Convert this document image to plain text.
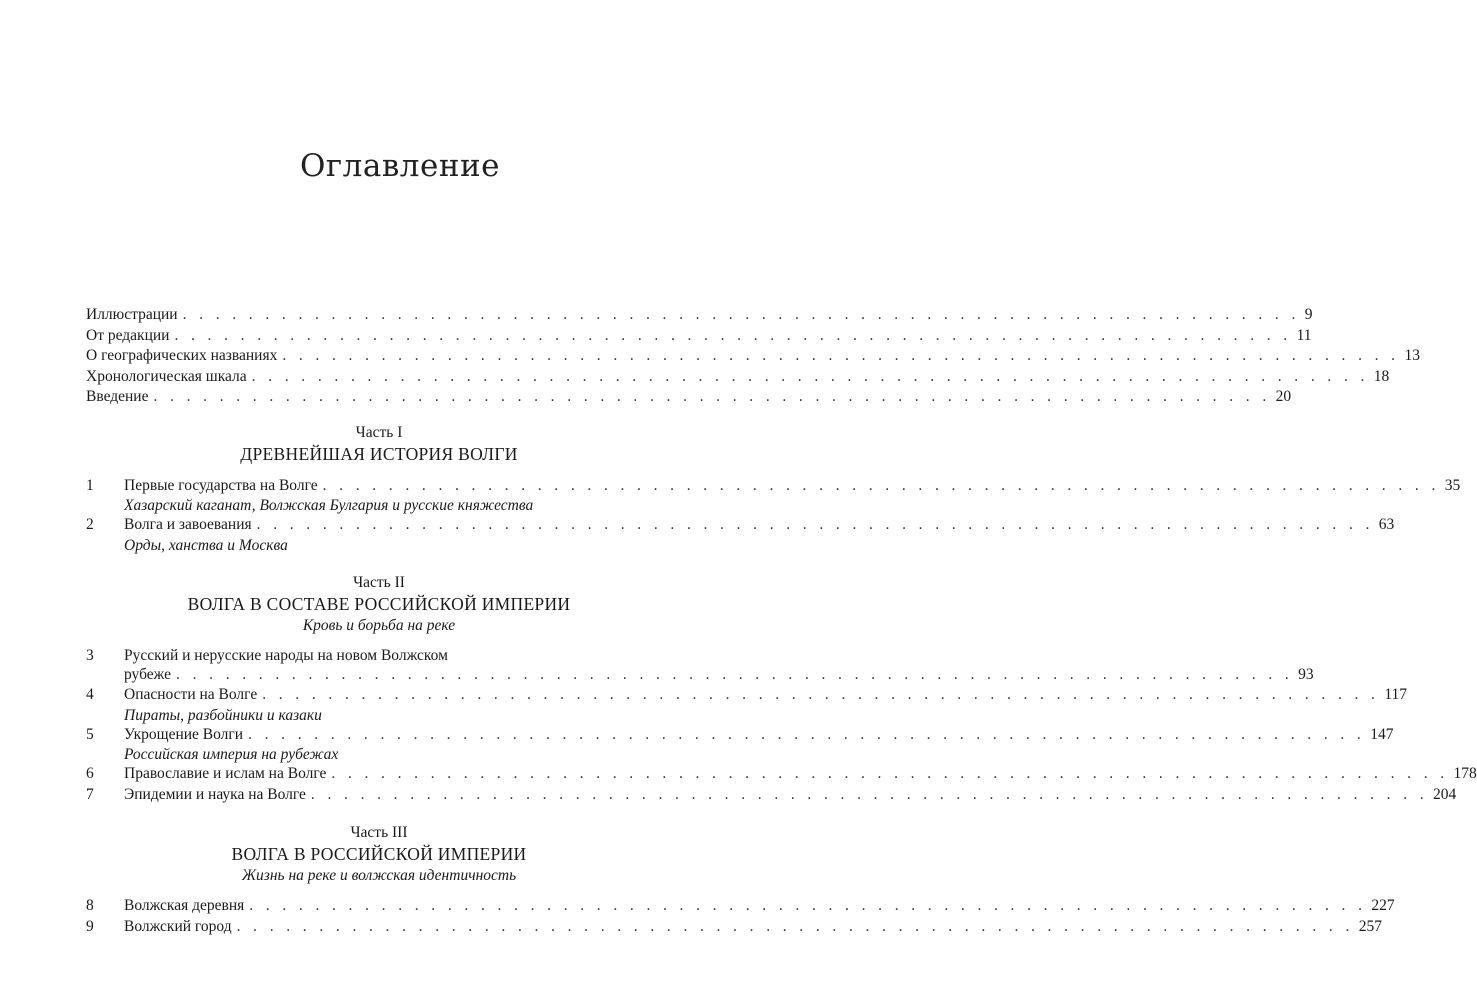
Оглавление
Иллюстрации . . .	9
От редакции . . .	11
О географических названиях . . .	13
Хронологическая шкала . . .	18
Введение . . .	20
Часть I
ДРЕВНЕЙШАЯ ИСТОРИЯ ВОЛГИ
1	Первые государства на Волге . . .	35
Хазарский каганат, Волжская Булгария и русские княжества
2	Волга и завоевания . . .	63
Орды, ханства и Москва
Часть II
ВОЛГА В СОСТАВЕ РОССИЙСКОЙ ИМПЕРИИ
Кровь и борьба на реке
3	Русский и нерусские народы на новом Волжском
рубеже . . .	93
4	Опасности на Волге . . .	117
Пираты, разбойники и казаки
5	Укрощение Волги . . .	147
Российская империя на рубежах
6	Православие и ислам на Волге . . .	178
7	Эпидемии и наука на Волге . . .	204
Часть III
ВОЛГА В РОССИЙСКОЙ ИМПЕРИИ
Жизнь на реке и волжская идентичность
8	Волжская деревня . . .	227
9	Волжский город . . .	257
